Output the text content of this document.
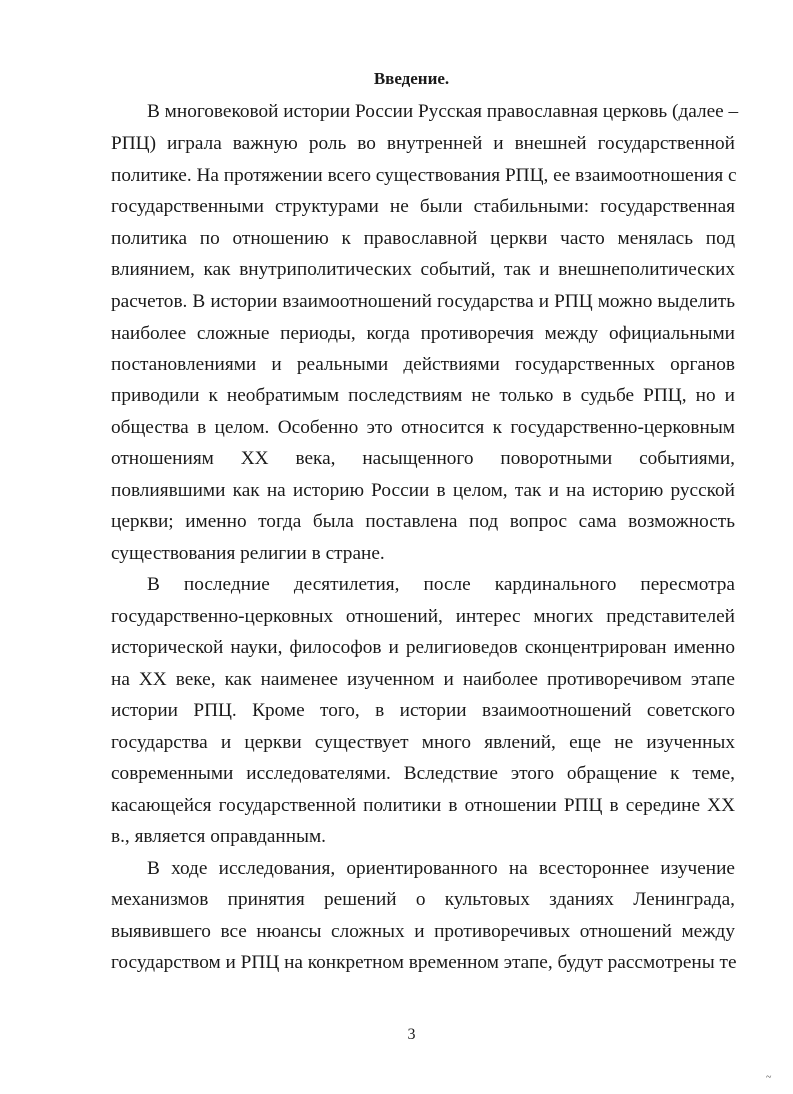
Введение.
В многовековой истории России Русская православная церковь (далее –
РПЦ) играла важную роль во внутренней и внешней государственной
политике. На протяжении всего существования РПЦ, ее взаимоотношения с
государственными структурами не были стабильными: государственная
политика по отношению к православной церкви часто менялась под
влиянием, как внутриполитических событий, так и внешнеполитических
расчетов. В истории взаимоотношений государства и РПЦ можно выделить
наиболее сложные периоды, когда противоречия между официальными
постановлениями и реальными действиями государственных органов
приводили к необратимым последствиям не только в судьбе РПЦ, но и
общества в целом. Особенно это относится к государственно-церковным
отношениям XX века, насыщенного поворотными событиями,
повлиявшими как на историю России в целом, так и на историю русской
церкви; именно тогда была поставлена под вопрос сама возможность
существования религии в стране.
В последние десятилетия, после кардинального пересмотра
государственно-церковных отношений, интерес многих представителей
исторической науки, философов и религиоведов сконцентрирован именно
на XX веке, как наименее изученном и наиболее противоречивом этапе
истории РПЦ. Кроме того, в истории взаимоотношений советского
государства и церкви существует много явлений, еще не изученных
современными исследователями. Вследствие этого обращение к теме,
касающейся государственной политики в отношении РПЦ в середине XX
в., является оправданным.
В ходе исследования, ориентированного на всестороннее изучение
механизмов принятия решений о культовых зданиях Ленинграда,
выявившего все нюансы сложных и противоречивых отношений между
государством и РПЦ на конкретном временном этапе, будут рассмотрены те
3
~
